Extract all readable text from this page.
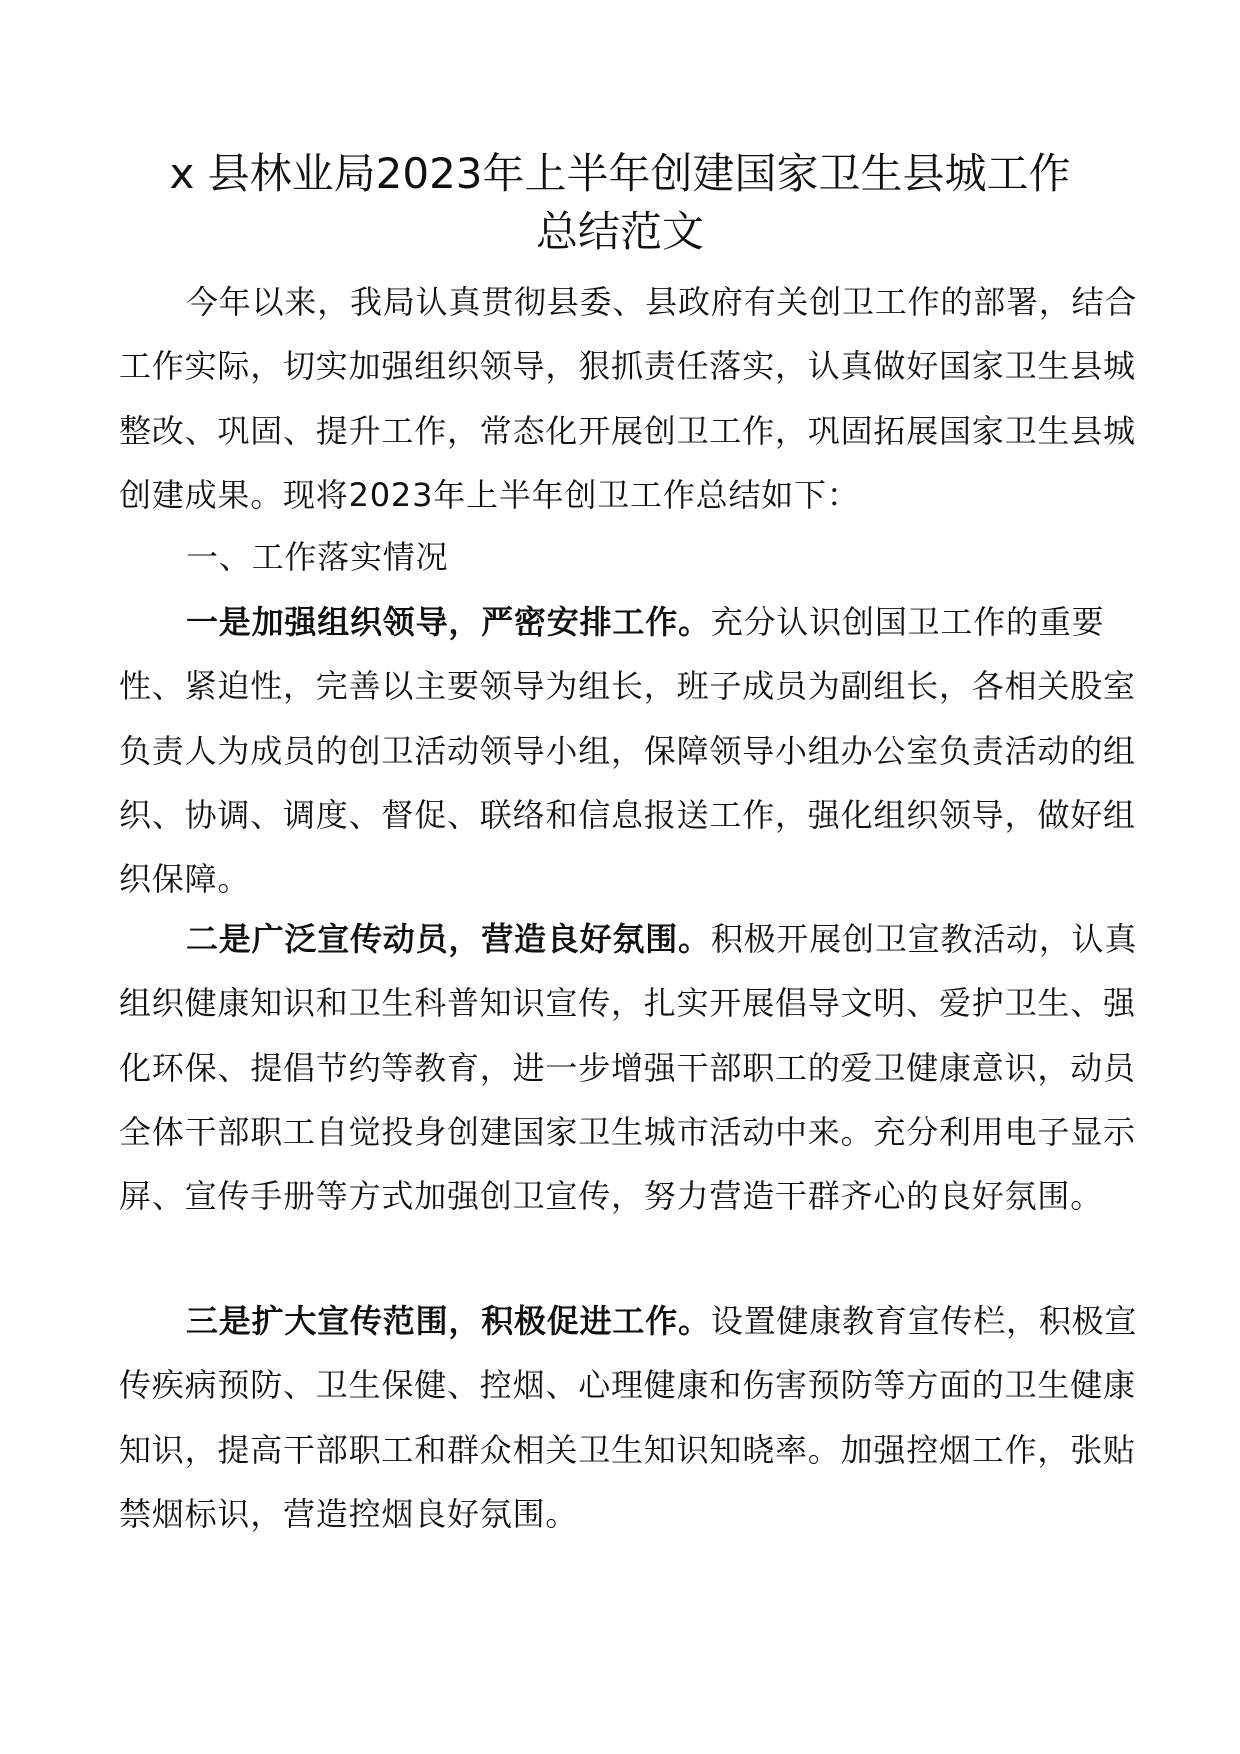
x 县林业局2023年上半年创建国家卫生县城工作
总结范文

今年以来，我局认真贯彻县委、县政府有关创卫工作的部署，结合工作实际，切实加强组织领导，狠抓责任落实，认真做好国家卫生县城整改、巩固、提升工作，常态化开展创卫工作，巩固拓展国家卫生县城创建成果。现将2023年上半年创卫工作总结如下：

一、工作落实情况

一是加强组织领导，严密安排工作。充分认识创国卫工作的重要性、紧迫性，完善以主要领导为组长，班子成员为副组长，各相关股室负责人为成员的创卫活动领导小组，保障领导小组办公室负责活动的组织、协调、调度、督促、联络和信息报送工作，强化组织领导，做好组织保障。

二是广泛宣传动员，营造良好氛围。积极开展创卫宣教活动，认真组织健康知识和卫生科普知识宣传，扎实开展倡导文明、爱护卫生、强化环保、提倡节约等教育，进一步增强干部职工的爱卫健康意识，动员全体干部职工自觉投身创建国家卫生城市活动中来。充分利用电子显示屏、宣传手册等方式加强创卫宣传，努力营造干群齐心的良好氛围。

三是扩大宣传范围，积极促进工作。设置健康教育宣传栏，积极宣传疾病预防、卫生保健、控烟、心理健康和伤害预防等方面的卫生健康知识，提高干部职工和群众相关卫生知识知晓率。加强控烟工作，张贴禁烟标识，营造控烟良好氛围。
